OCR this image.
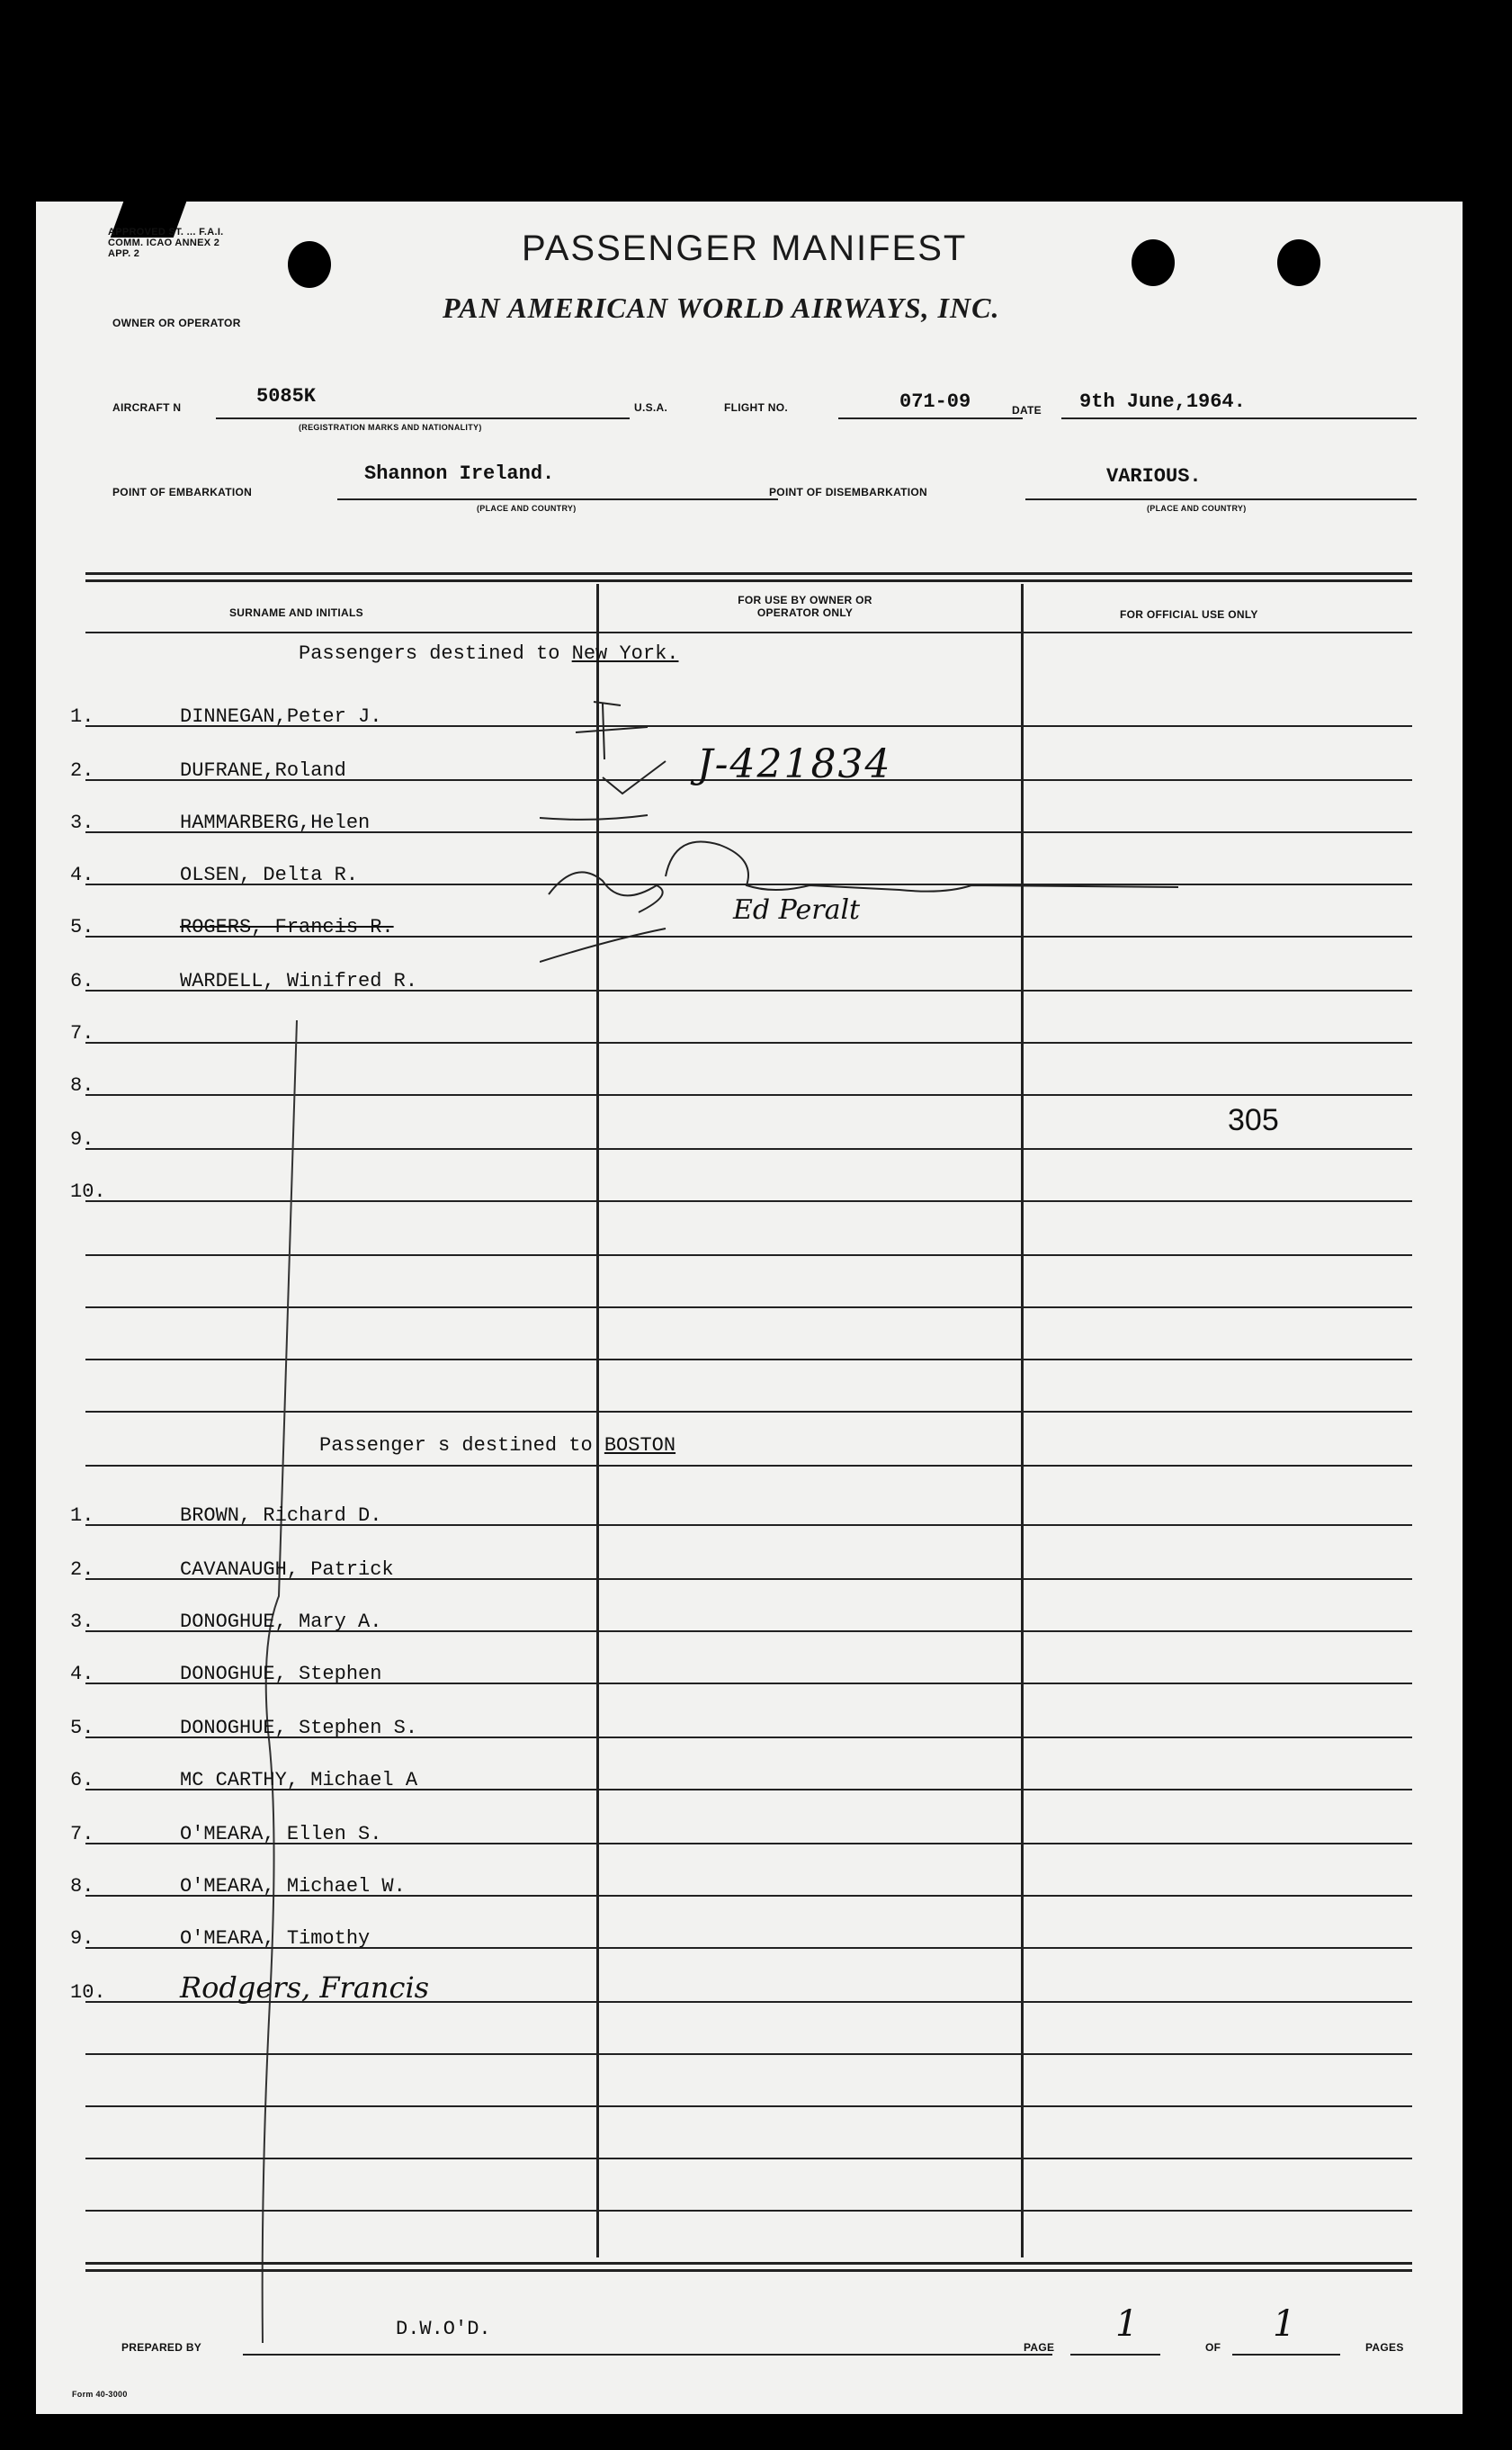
APPROVED ST. ... F.A.I. COMM. ICAO ANNEX 2 APP. 2	PASSENGER MANIFEST
PAN AMERICAN WORLD AIRWAYS, INC.
OWNER OR OPERATOR
AIRCRAFT N	5085K
(REGISTRATION MARKS AND NATIONALITY)
U.S.A.	FLIGHT NO.	071-09	DATE 9th June,1964.
POINT OF EMBARKATION
Shannon Ireland.
(PLACE AND COUNTRY)
POINT OF DISEMBARKATION
VARIOUS.
(PLACE AND COUNTRY)
SURNAME AND INITIALS
FOR USE BY OWNER OR OPERATOR ONLY	FOR OFFICIAL USE ONLY
Passengers destined to New York.
1.	DINNEGAN,Peter J.
2.	DUFRANE,Roland
3.	HAMMARBERG,Helen
4.	OLSEN, Delta R.
5.	ROGERS, Francis R.
6.	WARDELL, Winifred R.
7.
8.
9.
10.
J-421834
Ed Peralt
305
Passenger s destined to BOSTON
1.	BROWN, Richard D.
2.	CAVANAUGH, Patrick
3.	DONOGHUE, Mary A.
4.	DONOGHUE, Stephen
5.	DONOGHUE, Stephen S.
6.	MC CARTHY, Michael A
7.	O'MEARA, Ellen S.
8.	O'MEARA, Michael W.
9.	O'MEARA, Timothy
10.	Rodgers, Francis
PREPARED BY
D.W.O'D.
PAGE
1
OF
1
PAGES
Form 40-3000
